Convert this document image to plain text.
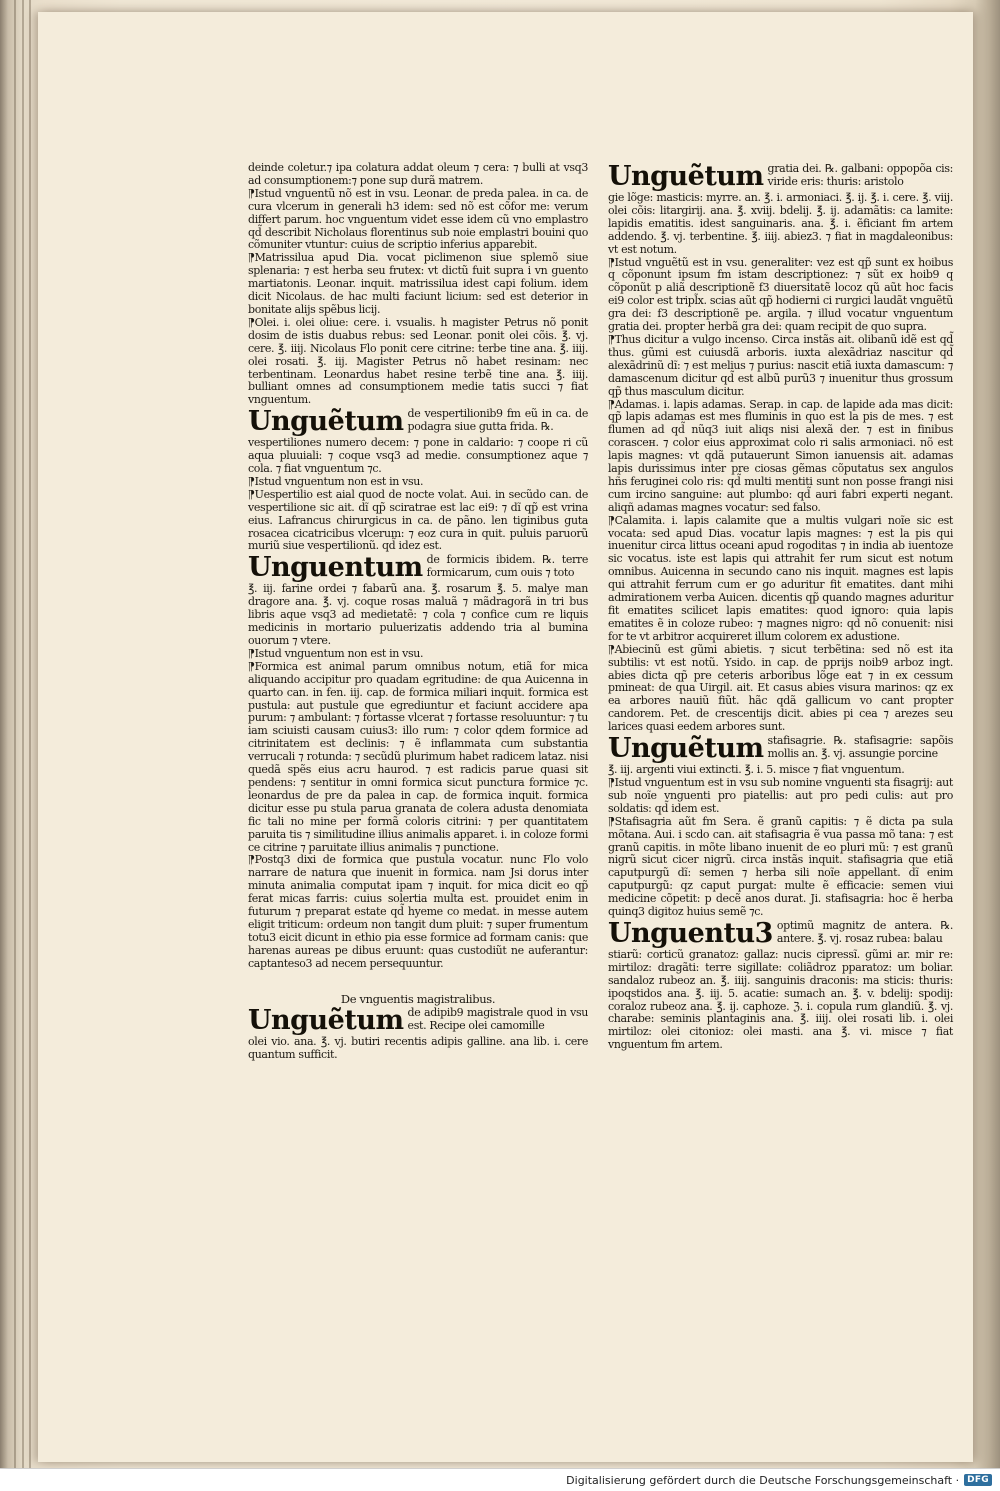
deinde coletur.⁊ ipa colatura addat oleum ⁊ cera: ⁊ bulli at vsq3 ad consumptionem:⁊ pone sup durã matrem.

⁋Istud vnguentũ nõ est in vsu. Leonar. de preda palea. in ca. de cura vlcerum in generali h3 idem: sed nõ est cõfor me: verum differt parum. hoc vnguentum videt esse idem cũ vno emplastro qd̃ describit Nicholaus florentinus sub noie emplastri bouini quo cõmuniter vtuntur: cuius de scriptio inferius apparebit.

⁋Matrissilua apud Dia. vocat piclimenon siue splemõ siue splenaria: ⁊ est herba seu frutex: vt dictũ fuit supra i vn guento martiatonis. Leonar. inquit. matrissilua idest capi folium. idem dicit Nicolaus. de hac multi faciunt licium: sed est deterior in bonitate alijs spẽbus licij.

⁋Olei. i. olei oliue: cere. i. vsualis. h magister Petrus nõ ponit dosim de istis duabus rebus: sed Leonar. ponit olei cõis. ℥. vj. cere. ℥. iiij. Nicolaus Flo ponit cere citrine: terbe tine ana. ℥. iiij. olei rosati. ℥. iij. Magister Petrus nõ habet resinam: nec terbentinam. Leonardus habet resine terbẽ tine ana. ℥. iiij. bulliant omnes ad consumptionem medie tatis succi ⁊ fiat vnguentum.

Unguẽtum de vespertilionib9 fm eũ in ca. de podagra siue gutta frida. ℞.

vespertiliones numero decem: ⁊ pone in caldario: ⁊ coope ri cũ aqua pluuiali: ⁊ coque vsq3 ad medie. consumptionez aque ⁊ cola. ⁊ fiat vnguentum ⁊c.

⁋Istud vnguentum non est in vsu.

⁋Uespertilio est aial quod de nocte volat. Aui. in secũdo can. de vespertilione sic ait. dĩ qp̃ sciratrae est lac ei9: ⁊ dĩ qp̃ est vrina eius. Lafrancus chirurgicus in ca. de pãno. len tiginibus guta rosacea cicatricibus vlcerum: ⁊ eoz cura in quit. puluis paruorũ muriũ siue vespertilionũ. qd̃ idez est.

Unguentum de formicis ibidem. ℞. terre formicarum, cum ouis ⁊ toto

℥. iij. farine ordei ⁊ fabarũ ana. ℥. rosarum ℥. 5. malye man dragore ana. ℥. vj. coque rosas maluã ⁊ mãdragorã in tri bus libris aque vsq3 ad medietatẽ: ⁊ cola ⁊ confice cum re liquis medicinis in mortario puluerizatis addendo tria al bumina ouorum ⁊ vtere.

⁋Istud vnguentum non est in vsu.

⁋Formica est animal parum omnibus notum, etiã for mica aliquando accipitur pro quadam egritudine: de qua Auicenna in quarto can. in fen. iij. cap. de formica miliari inquit. formica est pustula: aut pustule que egrediuntur et faciunt accidere apa purum: ⁊ ambulant: ⁊ fortasse vlcerat ⁊ fortasse resoluuntur: ⁊ tu iam sciuisti causam cuius3: illo rum: ⁊ color qdem formice ad citrinitatem est declinis: ⁊ ẽ inflammata cum substantia verrucali ⁊ rotunda: ⁊ secũdũ plurimum habet radicem lataz. nisi quedã spẽs eius acru haurod. ⁊ est radicis parue quasi sit pendens: ⁊ sentitur in omni formica sicut punctura formice ⁊c. leonardus de pre da palea in cap. de formica inquit. formica dicitur esse pu stula parua granata de colera adusta denomiata fic tali no mine per formã coloris citrini: ⁊ per quantitatem paruita tis ⁊ similitudine illius animalis apparet. i. in coloze formi ce citrine ⁊ paruitate illius animalis ⁊ punctione.

⁋Postq3 dixi de formica que pustula vocatur. nunc Flo volo narrare de natura que inuenit in formica. nam Jsi dorus inter minuta animalia computat ipam ⁊ inquit. for mica dicit eo qp̃ ferat micas farris: cuius solertia multa est. prouidet enim in futurum ⁊ preparat estate qd̃ hyeme co medat. in messe autem eligit triticum: ordeum non tangit dum pluit: ⁊ super frumentum totu3 eicit dicunt in ethio pia esse formice ad formam canis: que harenas aureas pe dibus eruunt: quas custodiũt ne auferantur: captanteso3 ad necem persequuntur.

De vnguentis magistralibus.
Unguẽtum de adipib9 magistrale quod in vsu est. Recipe olei camomille

olei vio. ana. ℥. vj. butiri recentis adipis galline. ana lib. i. cere quantum sufficit.

Unguẽtum gratia dei. ℞. galbani: oppopõa cis: viride eris: thuris: aristolo

gie lõge: masticis: myrre. an. ℥. i. armoniaci. ℥. ij. ℥. i. cere. ℥. viij. olei cõis: litargirij. ana. ℥. xviij. bdelij. ℥. ij. adamãtis: ca lamite: lapidis ematitis. idest sanguinaris. ana. ℥. i. ẽficiant fm artem addendo. ℥. vj. terbentine. ℥. iiij. abiez3. ⁊ fiat in magdaleonibus: vt est notum.

⁋Istud vnguẽtũ est in vsu. generaliter: vez est qp̃ sunt ex hoibus q cõponunt ipsum fm istam descriptionez: ⁊ sũt ex hoib9 q cõponũt p aliã descriptionẽ f3 diuersitatẽ locoz qũ aũt hoc facis ei9 color est tripl̃x. scias aũt qp̃ hodierni ci rurgici laudãt vnguẽtũ gra dei: f3 descriptionẽ pe. argila. ⁊ illud vocatur vnguentum gratia dei. propter herbã gra dei: quam recipit de quo supra.

⁋Thus dicitur a vulgo incenso. Circa instãs ait. olibanũ idẽ est qd̃ thus. gũmi est cuiusdã arboris. iuxta alexãdriaz nascitur qd̃ alexãdrinũ dĩ: ⁊ est melius ⁊ purius: nascit etiã iuxta damascum: ⁊ damascenum dicitur qd̃ est albũ purũ3 ⁊ inuenitur thus grossum qp̃ thus masculum dicitur.

⁋Adamas. i. lapis adamas. Serap. in cap. de lapide ada mas dicit: qp̃ lapis adamas est mes fluminis in quo est la pis de mes. ⁊ est flumen ad qd̃ nũq3 iuit aliqs nisi alexã der. ⁊ est in finibus corasceн. ⁊ color eius approximat colo ri salis armoniaci. nõ est lapis magnes: vt qdã putauerunt Simon ianuensis ait. adamas lapis durissimus inter pre ciosas gẽmas cõputatus sex angulos hñs feruginei colo ris: qd̃ multi mentiti sunt non posse frangi nisi cum ircino sanguine: aut plumbo: qd̃ auri fabri experti negant. aliqñ adamas magnes vocatur: sed falso.

⁋Calamita. i. lapis calamite que a multis vulgari noĩe sic est vocata: sed apud Dias. vocatur lapis magnes: ⁊ est la pis qui inuenitur circa littus oceani apud rogoditas ⁊ in india ab iuentoze sic vocatus. iste est lapis qui attrahit fer rum sicut est notum omnibus. Auicenna in secundo cano nis inquit. magnes est lapis qui attrahit ferrum cum er go aduritur fit ematites. dant mihi admirationem verba Auicen. dicentis qp̃ quando magnes aduritur fit ematites scilicet lapis ematites: quod ignoro: quia lapis ematites ẽ in coloze rubeo: ⁊ magnes nigro: qd̃ nõ conuenit: nisi for te vt arbitror acquireret illum colorem ex adustione.

⁋Abiecinũ est gũmi abietis. ⁊ sicut terbẽtina: sed nõ est ita subtilis: vt est notũ. Ysido. in cap. de pprijs noib9 arboz ingt. abies dicta qp̃ pre ceteris arboribus lõge eat ⁊ in ex cessum pmineat: de qua Uirgil. ait. Et casus abies visura marinos: qz ex ea arbores nauiũ fiũt. hãc qdã gallicum vo cant propter candorem. Pet. de crescentijs dicit. abies pi cea ⁊ arezes seu larices quasi eedem arbores sunt.

Unguẽtum stafisagrie. ℞. stafisagrie: sapõis mollis an. ℥. vj. assungie porcine

℥. iij. argenti viui extincti. ℥. i. 5. misce ⁊ fiat vnguentum.

⁋Istud vnguentum est in vsu sub nomine vnguenti sta fisagrij: aut sub noĩe vnguenti pro piatellis: aut pro pedi culis: aut pro soldatis: qd̃ idem est.

⁋Stafisagria aũt fm Sera. ẽ granũ capitis: ⁊ ẽ dicta pa sula mõtana. Aui. i scdo can. ait stafisagria ẽ vua passa mõ tana: ⁊ est granũ capitis. in mõte libano inuenit de eo pluri mũ: ⁊ est granũ nigrũ sicut cicer nigrũ. circa instãs inquit. stafisagria que etiã caputpurgũ dĩ: semen ⁊ herba sili noĩe appellant. dĩ enim caputpurgũ: qz caput purgat: multe ẽ efficacie: semen viui medicine cõpetit: p decẽ anos durat. Ji. stafisagria: hoc ẽ herba quinq3 digitoz huius semẽ ⁊c.

Unguentu3 optimũ magnitz de antera. ℞. antere. ℥. vj. rosaz rubea: balau

stiarũ: corticũ granatoz: gallaz: nucis cipressĩ. gũmi ar. mir re: mirtiloz: dragãti: terre sigillate: coliãdroz pparatoz: um boliar. sandaloz rubeoz an. ℥. iiij. sanguinis draconis: ma sticis: thuris: ipoqstidos ana. ℥. iij. 5. acatie: sumach an. ℥. v. bdelij: spodij: coraloz rubeoz ana. ℥. ij. caphoze. ℨ. i. copula rum glandiũ. ℥. vj. charabe: seminis plantaginis ana. ℥. iiij. olei rosati lib. i. olei mirtiloz: olei citonioz: olei masti. ana ℥. vi. misce ⁊ fiat vnguentum fm artem.

Digitalisierung gefördert durch die Deutsche Forschungsgemeinschaft · DFG
